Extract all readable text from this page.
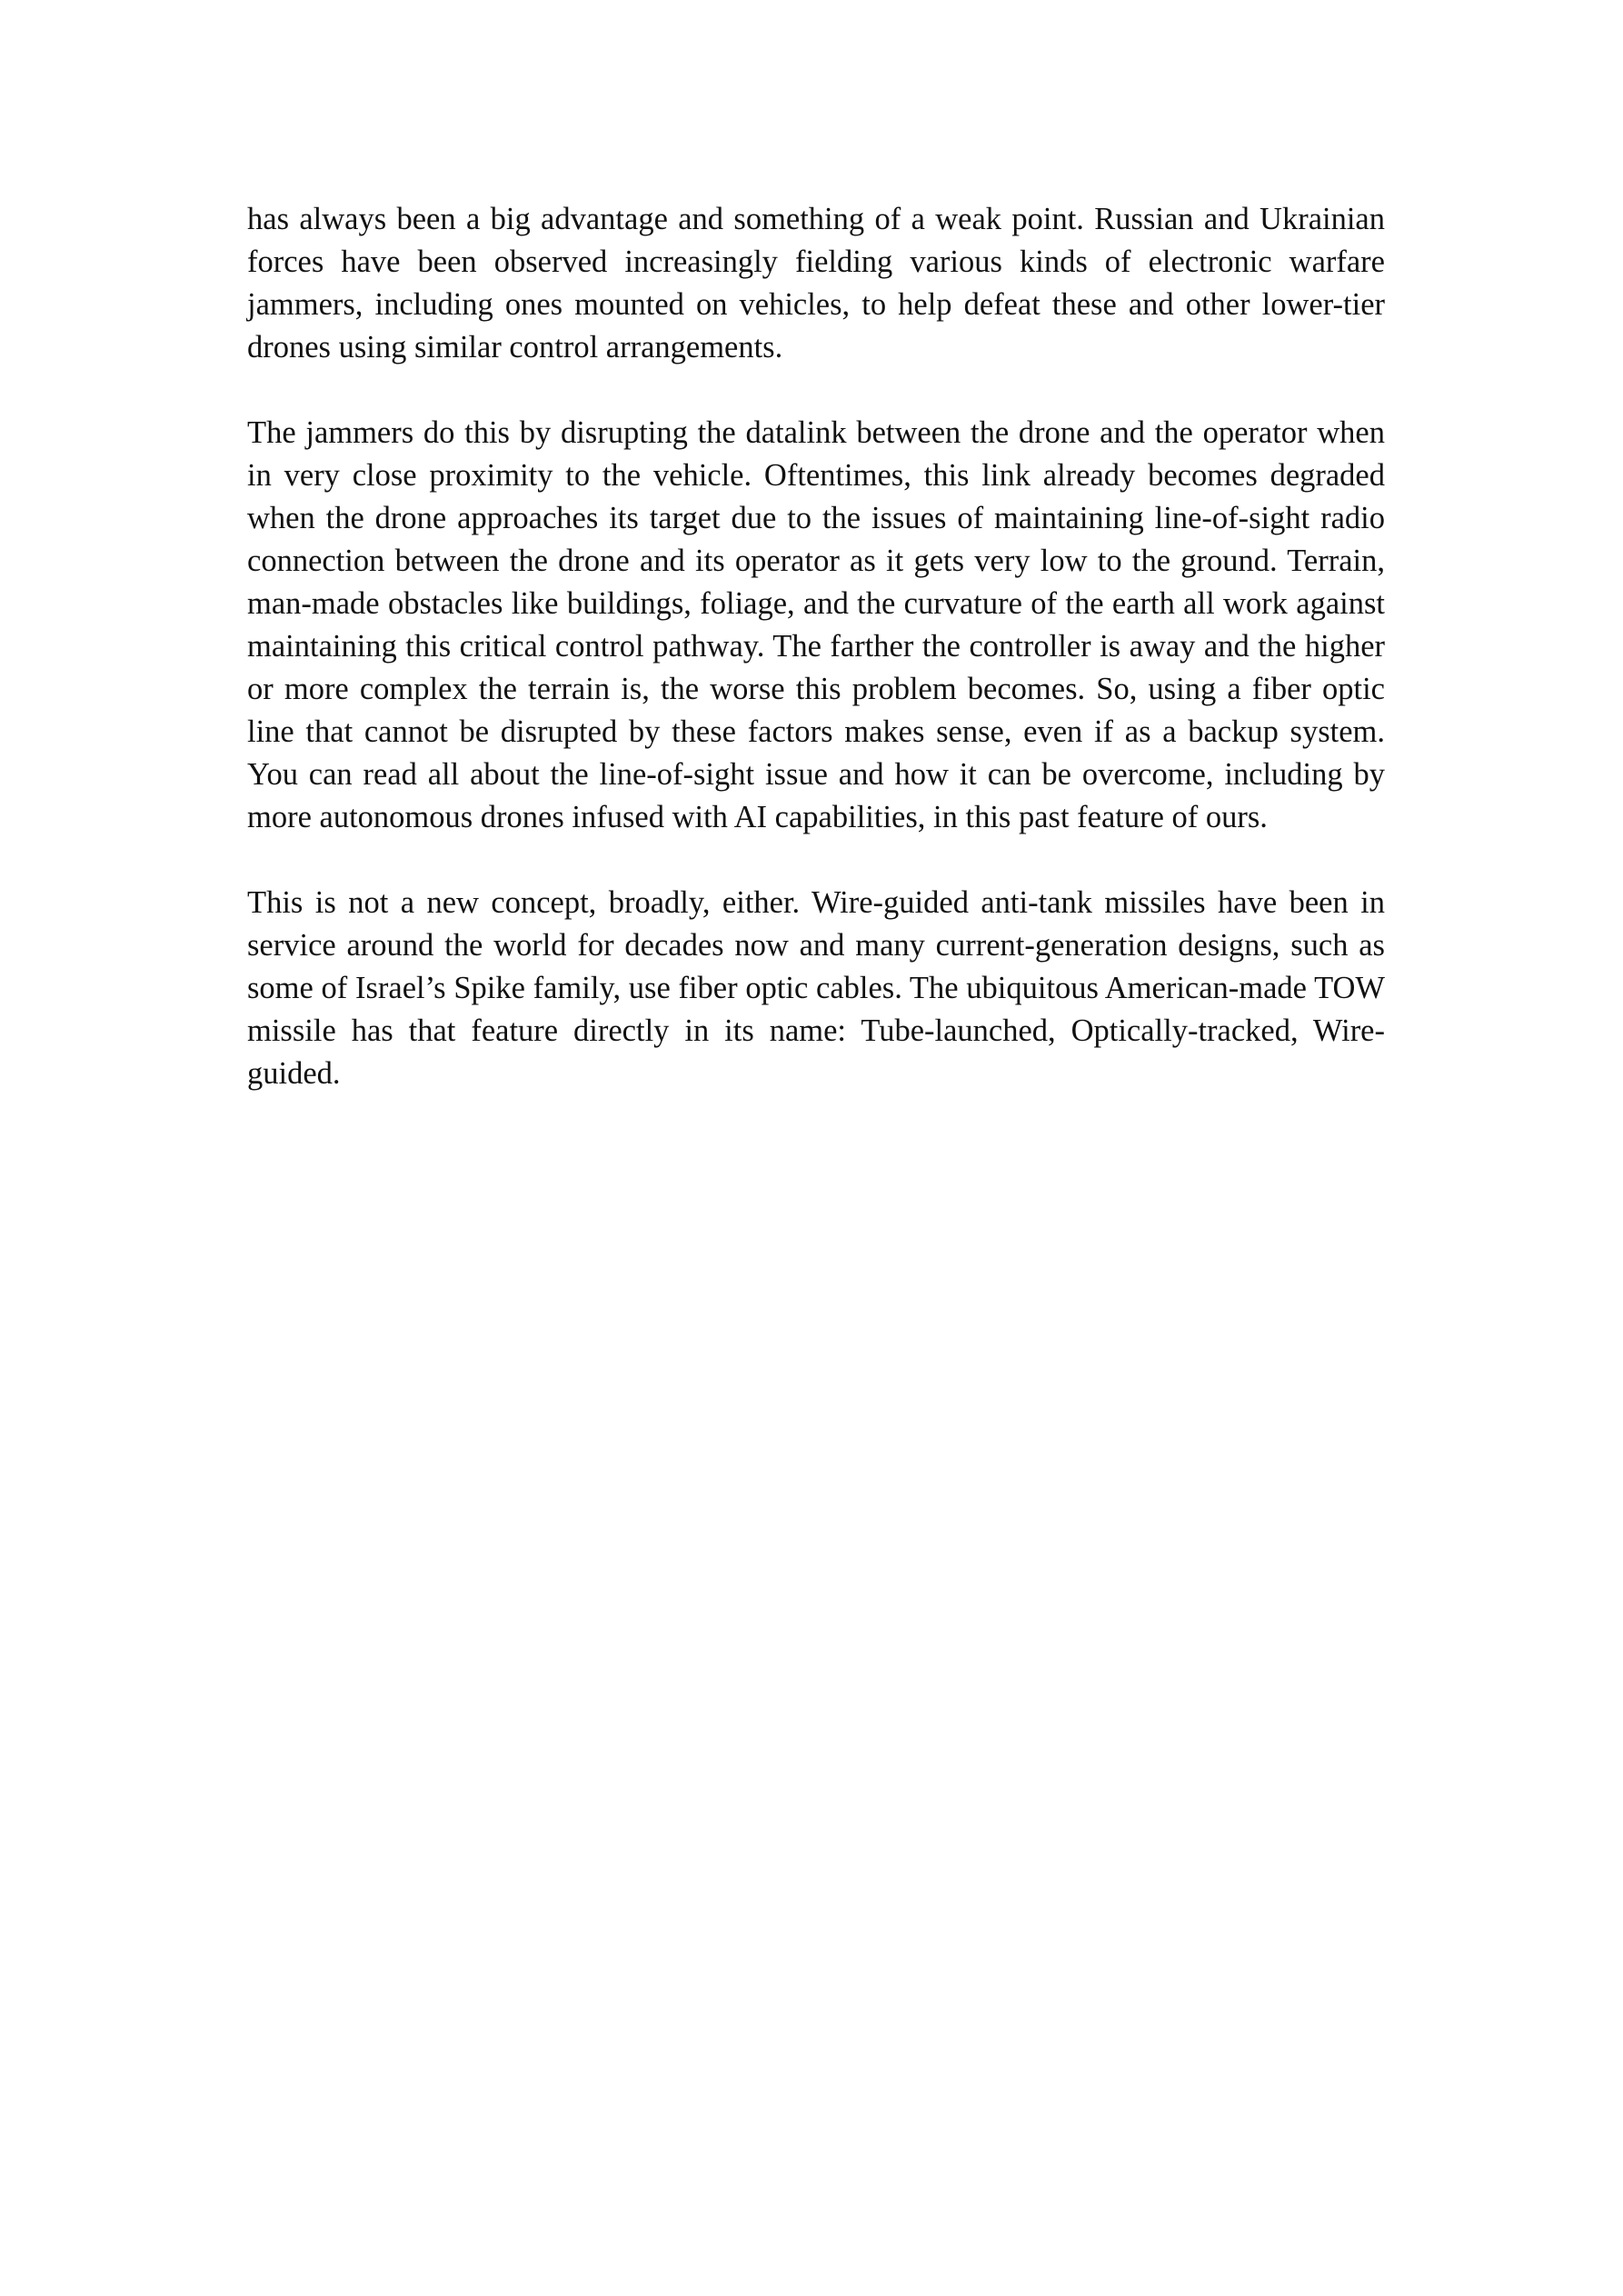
has always been a big advantage and something of a weak point. Russian and Ukrainian forces have been observed increasingly fielding various kinds of electronic warfare jammers, including ones mounted on vehicles, to help defeat these and other lower-tier drones using similar control arrangements.

The jammers do this by disrupting the datalink between the drone and the operator when in very close proximity to the vehicle. Oftentimes, this link already becomes degraded when the drone approaches its target due to the issues of maintaining line-of-sight radio connection between the drone and its operator as it gets very low to the ground. Terrain, man-made obstacles like buildings, foliage, and the curvature of the earth all work against maintaining this critical control pathway. The farther the controller is away and the higher or more complex the terrain is, the worse this problem becomes. So, using a fiber optic line that cannot be disrupted by these factors makes sense, even if as a backup system. You can read all about the line-of-sight issue and how it can be overcome, including by more autonomous drones infused with AI capabilities, in this past feature of ours.

This is not a new concept, broadly, either. Wire-guided anti-tank missiles have been in service around the world for decades now and many current-generation designs, such as some of Israel’s Spike family, use fiber optic cables. The ubiquitous American-made TOW missile has that feature directly in its name: Tube-launched, Optically-tracked, Wire-guided.
